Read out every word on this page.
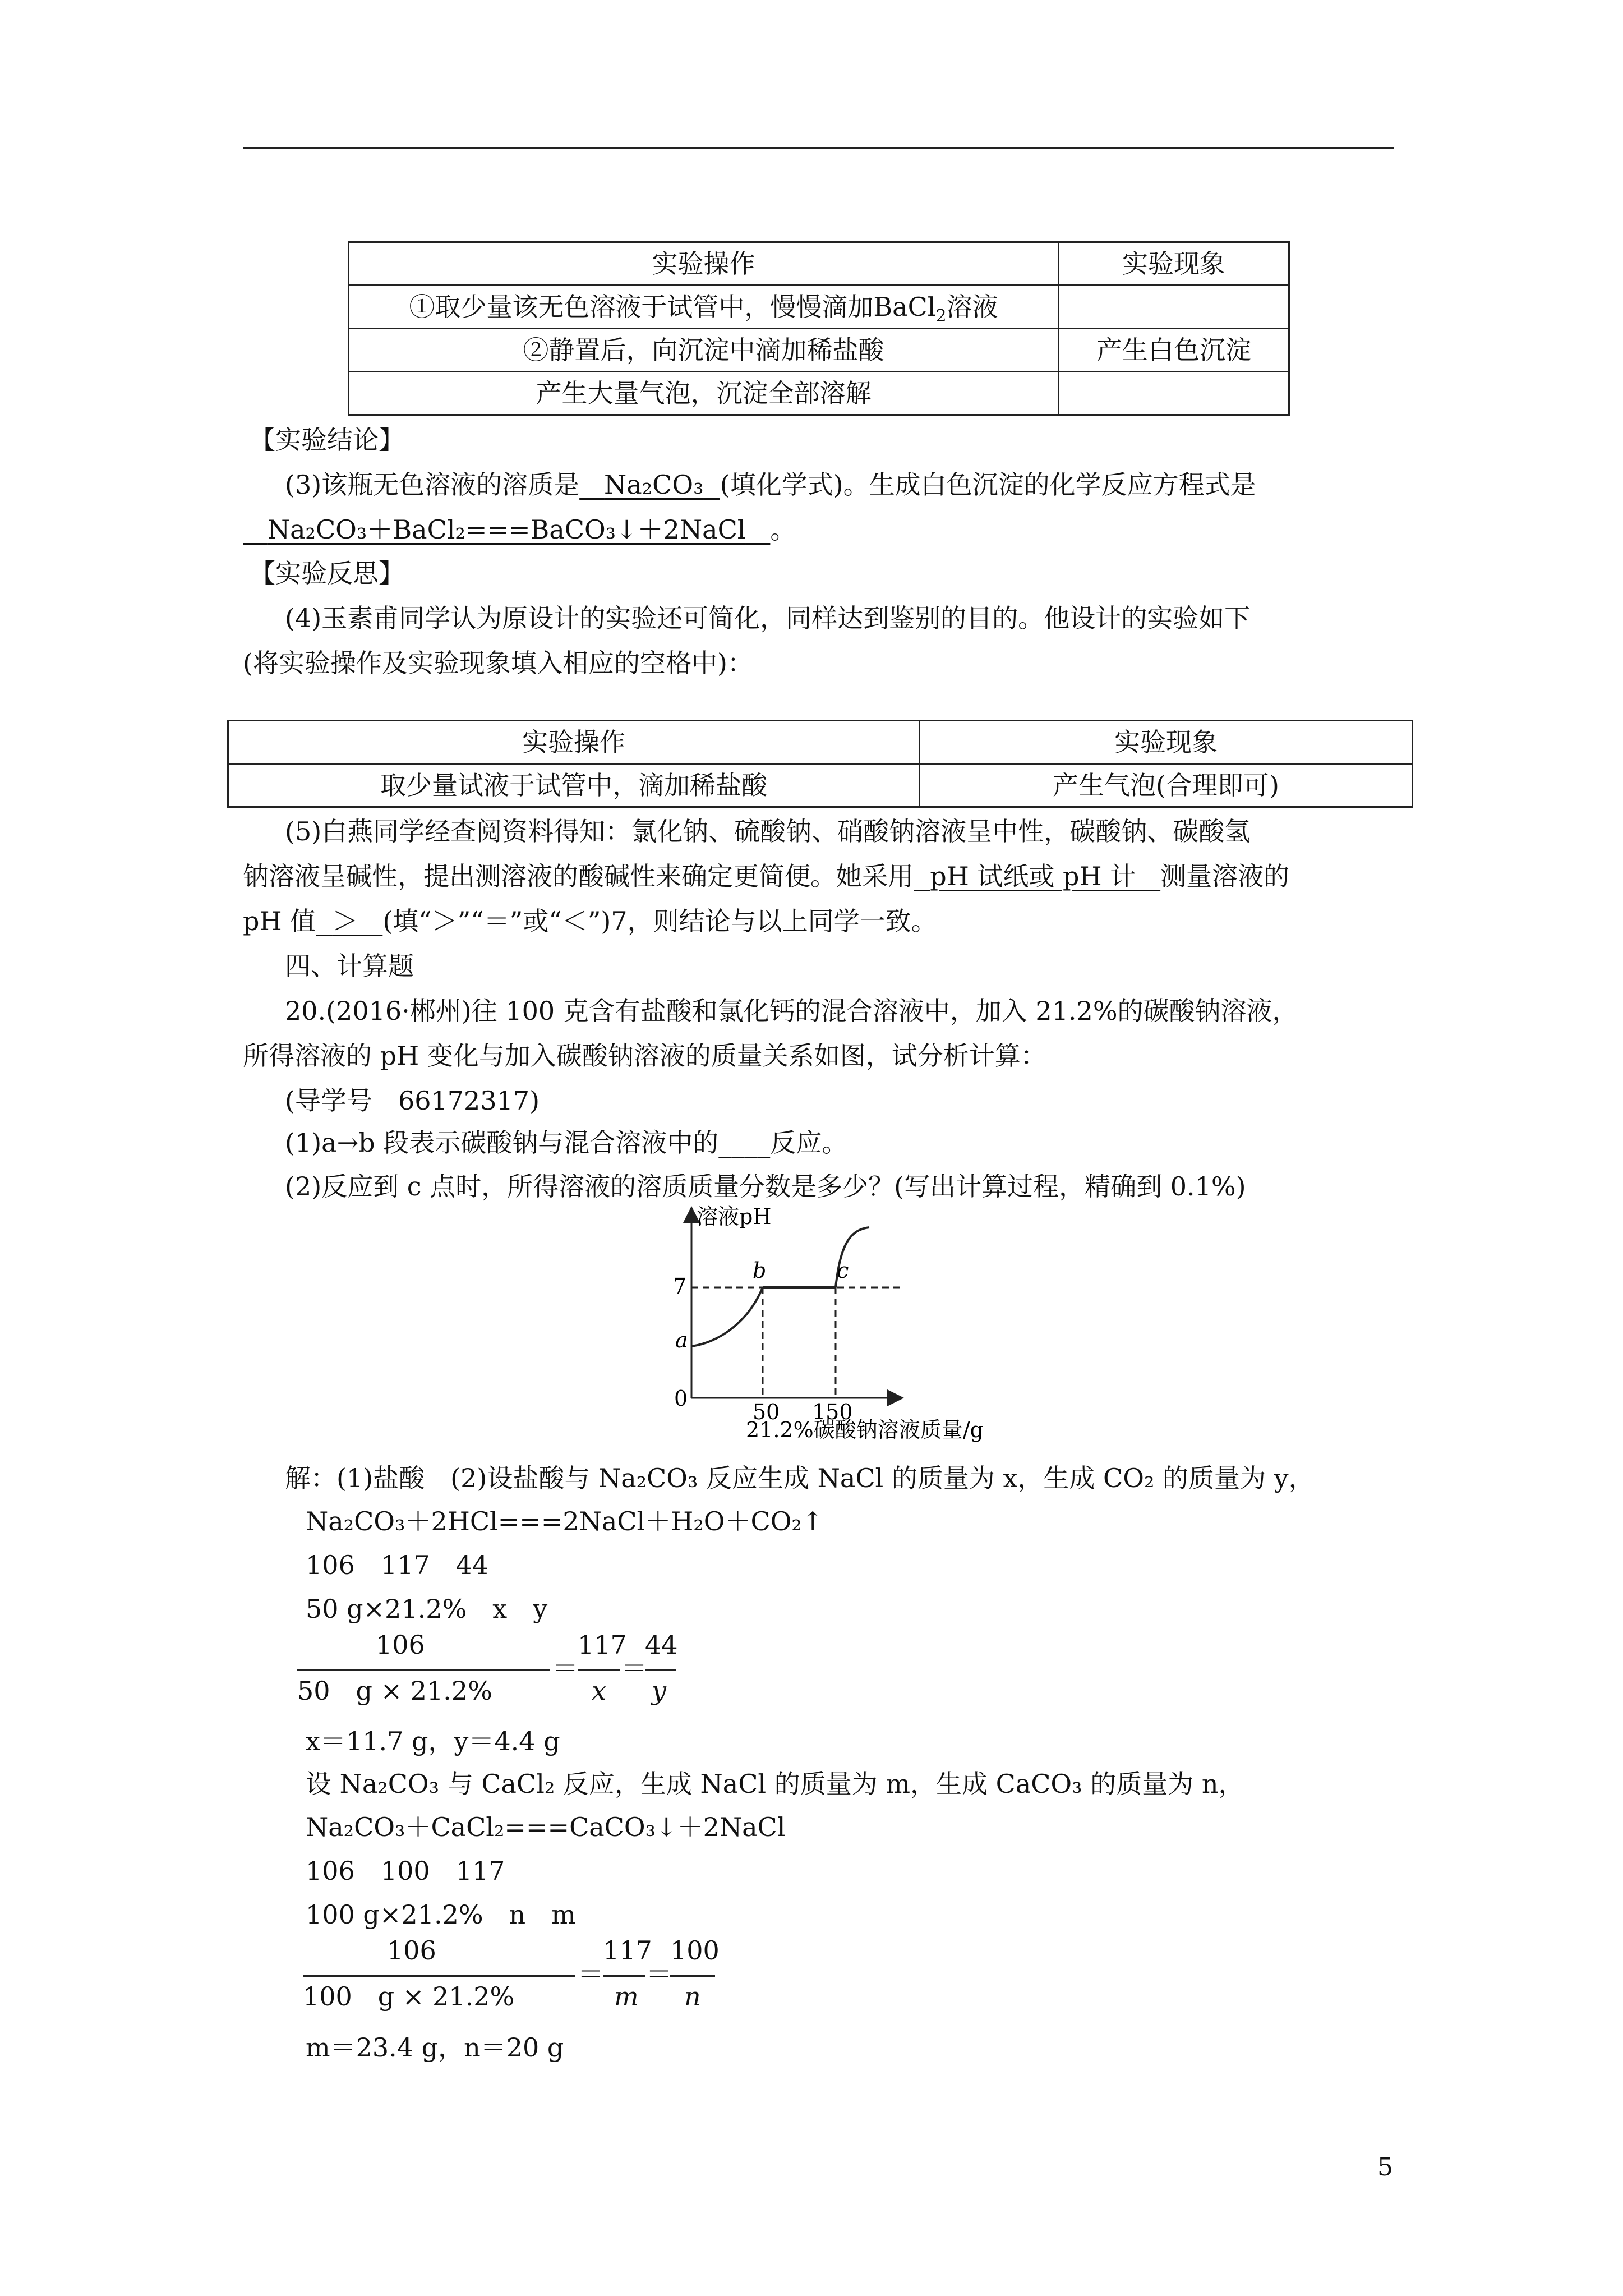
实验操作	实验现象
①取少量该无色溶液于试管中，慢慢滴加BaCl$_2$溶液	
②静置后，向沉淀中滴加稀盐酸	产生白色沉淀
产生大量气泡，沉淀全部溶解	
【实验结论】
(3)该瓶无色溶液的溶质是 Na₂CO₃ (填化学式)。生成白色沉淀的化学反应方程式是
Na₂CO₃＋BaCl₂===BaCO₃↓＋2NaCl 。
【实验反思】
(4)玉素甫同学认为原设计的实验还可简化，同样达到鉴别的目的。他设计的实验如下
(将实验操作及实验现象填入相应的空格中)：
实验操作	实验现象
取少量试液于试管中，滴加稀盐酸	产生气泡(合理即可)
(5)白燕同学经查阅资料得知：氯化钠、硫酸钠、硝酸钠溶液呈中性，碳酸钠、碳酸氢
钠溶液呈碱性，提出测溶液的酸碱性来确定更简便。她采用 pH 试纸或 pH 计 测量溶液的
pH 值 ＞ (填“＞”“＝”或“＜”)7，则结论与以上同学一致。
四、计算题
20.(2016·郴州)往 100 克含有盐酸和氯化钙的混合溶液中，加入 21.2%的碳酸钠溶液，
所得溶液的 pH 变化与加入碳酸钠溶液的质量关系如图，试分析计算：
(导学号　66172317)
(1)a→b 段表示碳酸钠与混合溶液中的____反应。
(2)反应到 c 点时，所得溶液的溶质质量分数是多少？(写出计算过程，精确到 0.1%)
溶液pH
21.2%碳酸钠溶液质量/g
0
50 150
7
a
b	c
解：(1)盐酸　(2)设盐酸与 Na₂CO₃ 反应生成 NaCl 的质量为 x，生成 CO₂ 的质量为 y，
Na₂CO₃＋2HCl===2NaCl＋H₂O＋CO₂↑
106　117　44
50 g×21.2%　x　y
106
50　g × 21.2%
＝
117
x
＝
44
y
x＝11.7 g，y＝4.4 g
设 Na₂CO₃ 与 CaCl₂ 反应，生成 NaCl 的质量为 m，生成 CaCO₃ 的质量为 n，
Na₂CO₃＋CaCl₂===CaCO₃↓＋2NaCl
106　100　117
100 g×21.2%　n　m
106
100　g × 21.2%
＝
117
m
＝
100
n
m＝23.4 g，n＝20 g
5
